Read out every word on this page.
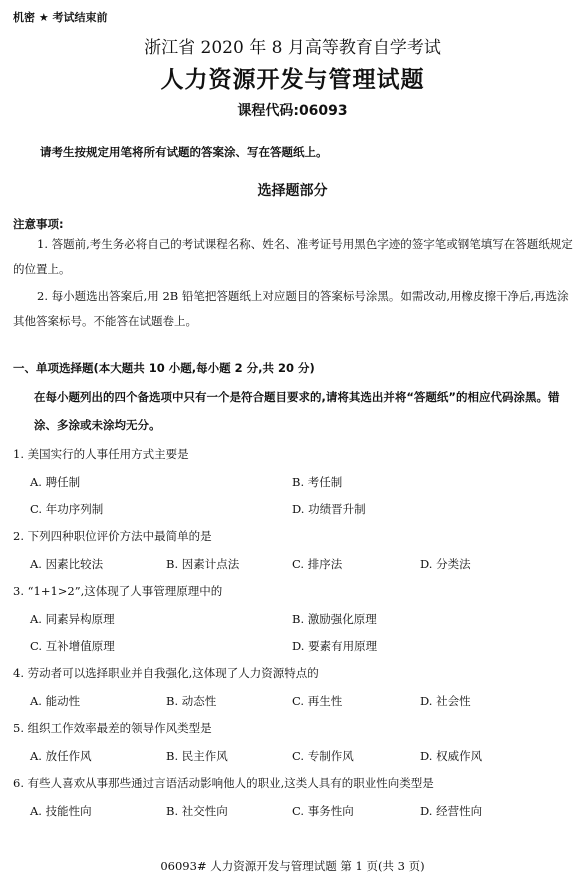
机密 ★ 考试结束前
浙江省 2020 年 8 月高等教育自学考试
人力资源开发与管理试题
课程代码:06093
请考生按规定用笔将所有试题的答案涂、写在答题纸上。
选择题部分
注意事项:
1. 答题前,考生务必将自己的考试课程名称、姓名、准考证号用黑色字迹的签字笔或钢笔填写在答题纸规定的位置上。
2. 每小题选出答案后,用 2B 铅笔把答题纸上对应题目的答案标号涂黑。如需改动,用橡皮擦干净后,再选涂其他答案标号。不能答在试题卷上。
一、单项选择题(本大题共 10 小题,每小题 2 分,共 20 分)
在每小题列出的四个备选项中只有一个是符合题目要求的,请将其选出并将“答题纸”的相应代码涂黑。错涂、多涂或未涂均无分。
1. 美国实行的人事任用方式主要是
A. 聘任制	B. 考任制
C. 年功序列制	D. 功绩晋升制
2. 下列四种职位评价方法中最简单的是
A. 因素比较法	B. 因素计点法	C. 排序法	D. 分类法
3. “1+1>2”,这体现了人事管理原理中的
A. 同素异构原理	B. 激励强化原理
C. 互补增值原理	D. 要素有用原理
4. 劳动者可以选择职业并自我强化,这体现了人力资源特点的
A. 能动性	B. 动态性	C. 再生性	D. 社会性
5. 组织工作效率最差的领导作风类型是
A. 放任作风	B. 民主作风	C. 专制作风	D. 权威作风
6. 有些人喜欢从事那些通过言语活动影响他人的职业,这类人具有的职业性向类型是
A. 技能性向	B. 社交性向	C. 事务性向	D. 经营性向
06093# 人力资源开发与管理试题 第 1 页(共 3 页)
